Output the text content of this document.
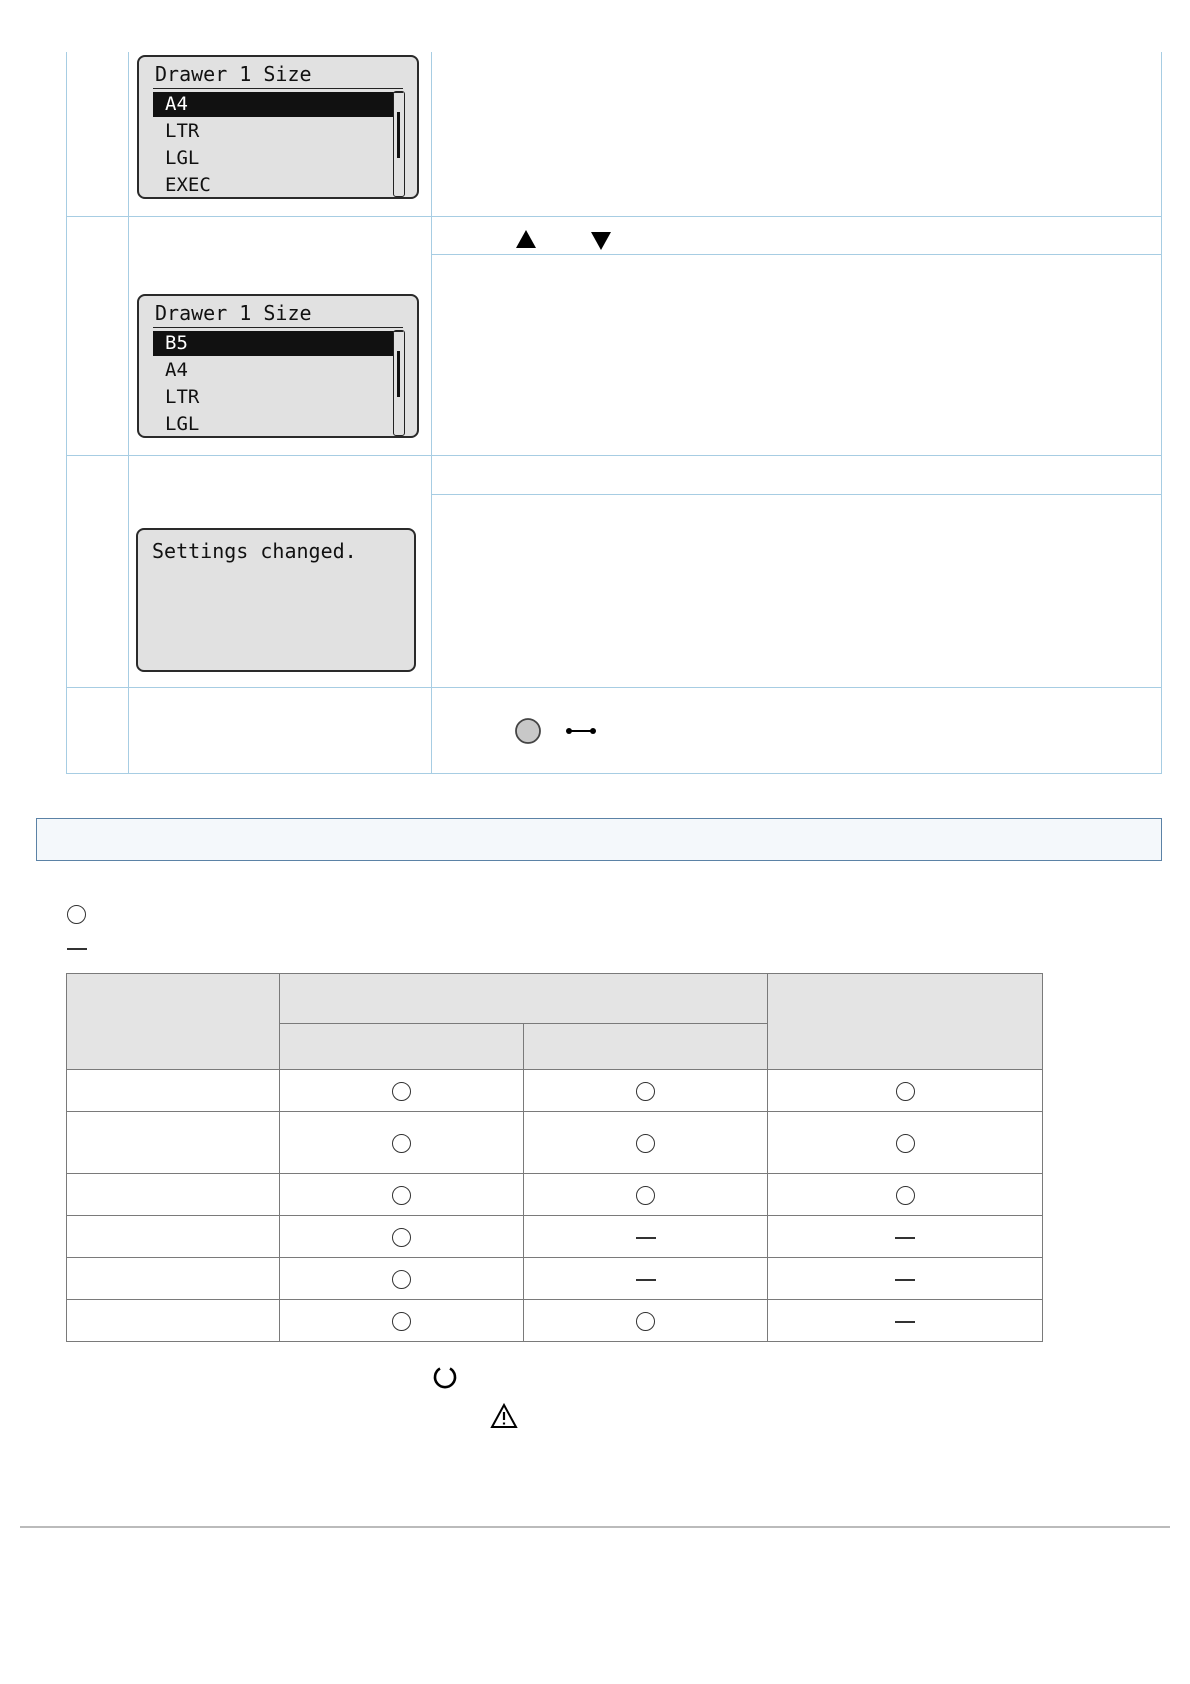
Drawer 1 Size
A4
LTR
LGL
EXEC
Drawer 1 Size
B5
A4
LTR
LGL
Settings changed.
